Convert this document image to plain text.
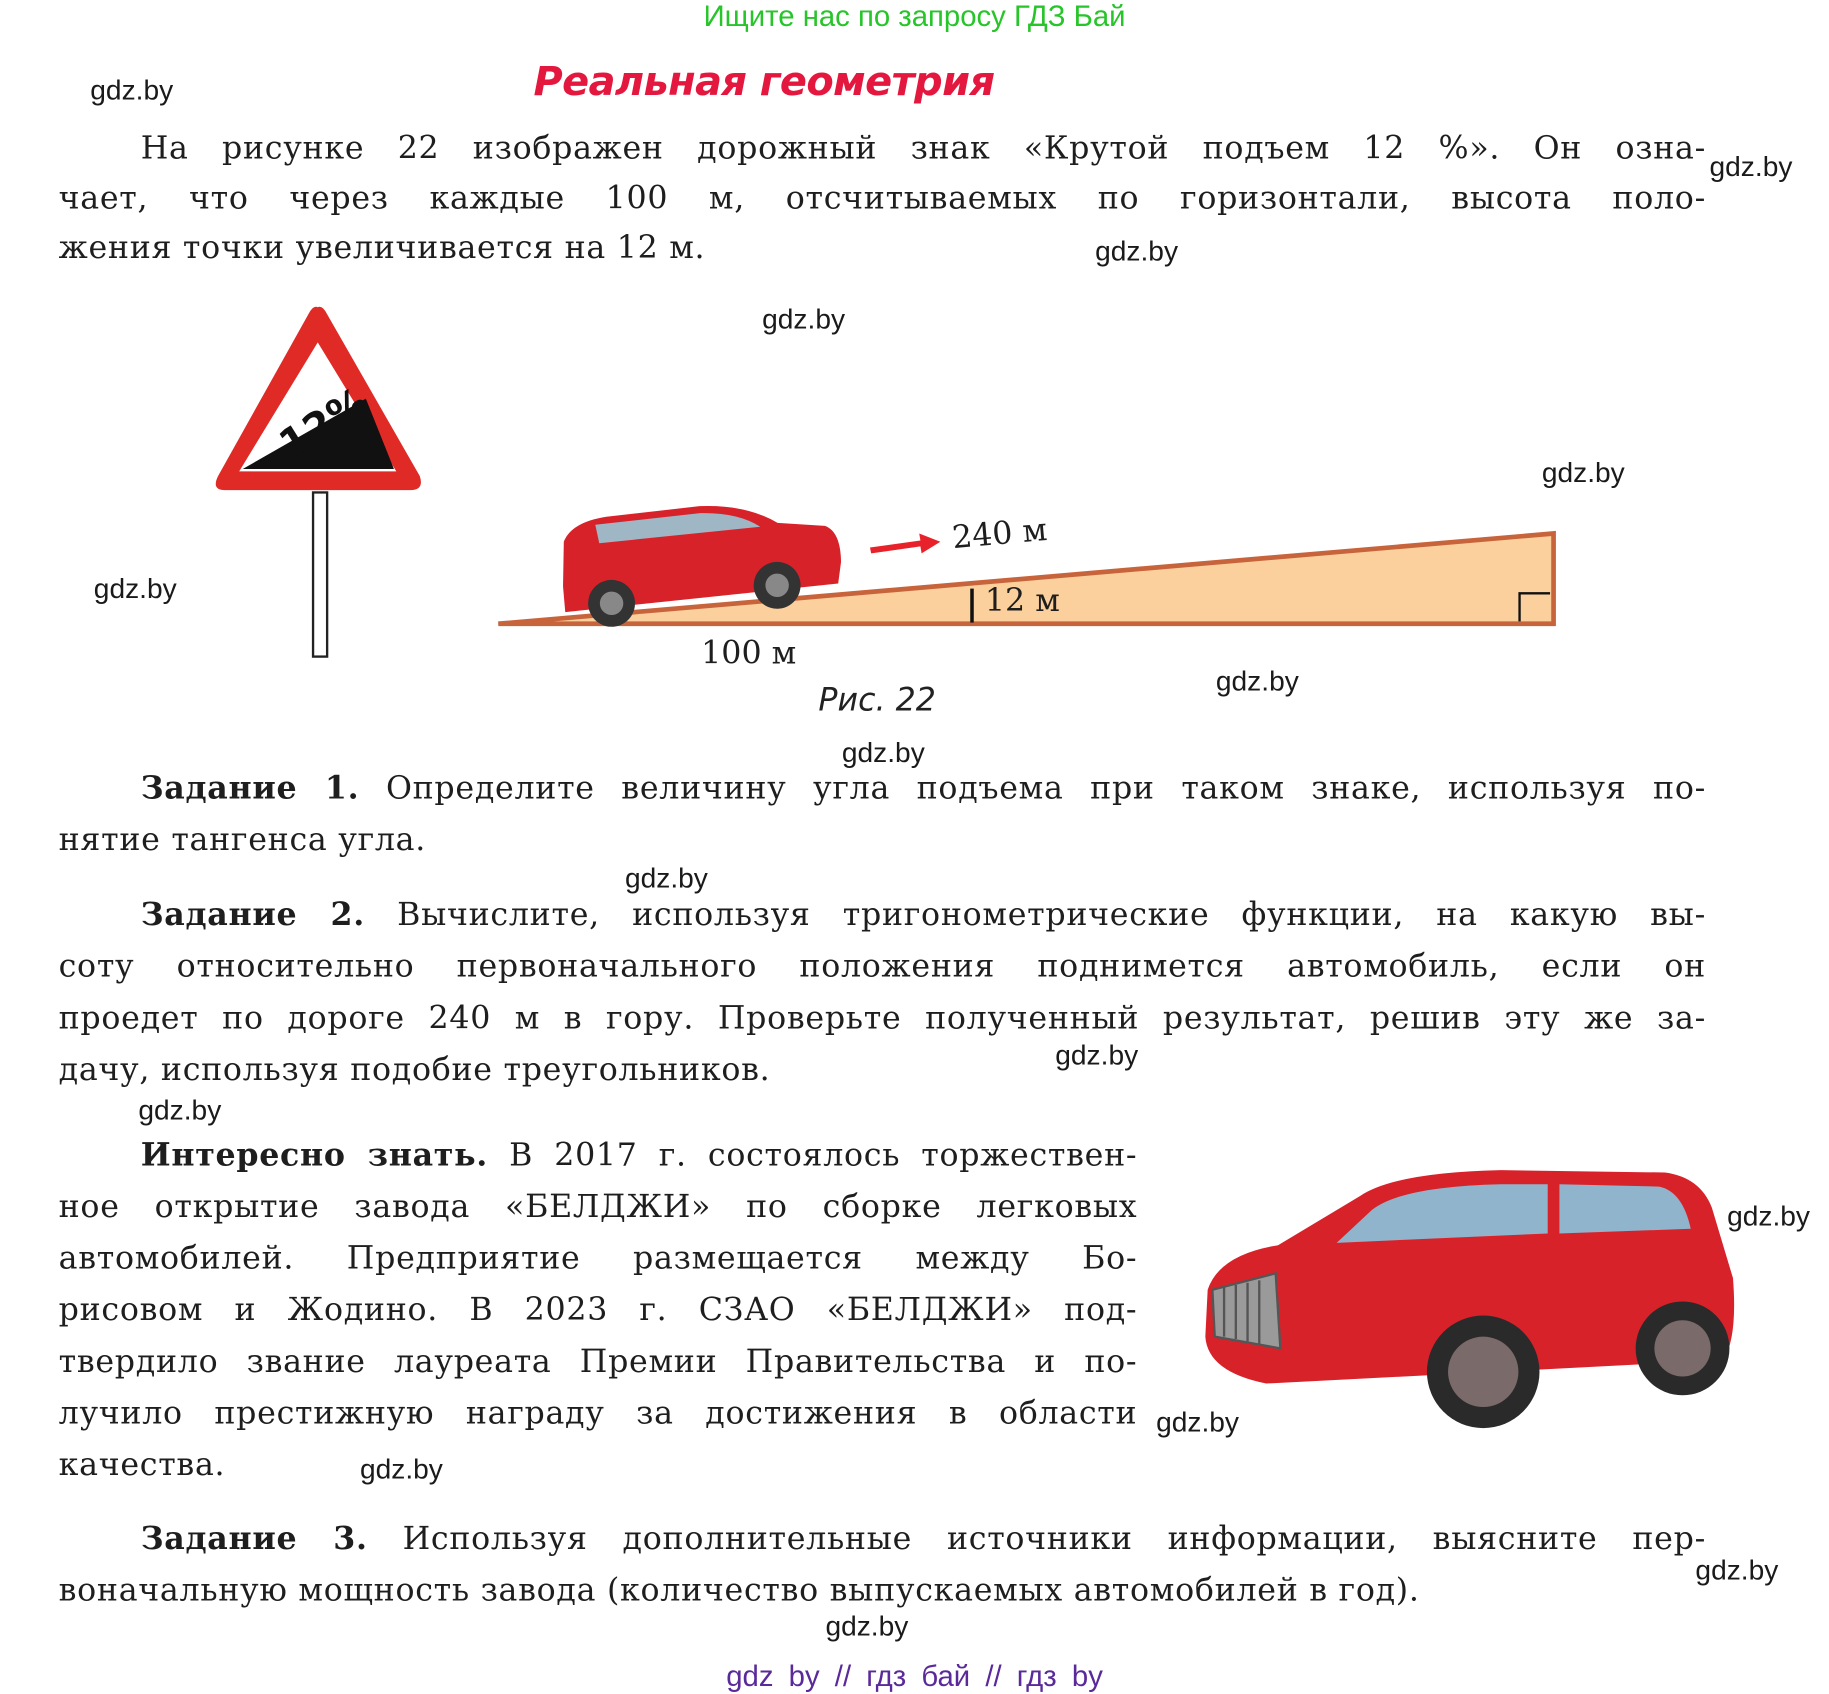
Ищите нас по запросу ГДЗ Бай
Реальная геометрия
На рисунке 22 изображен дорожный знак «Крутой подъем 12 %». Он озна-
чает, что через каждые 100 м, отсчитываемых по горизонтали, высота поло-
жения точки увеличивается на 12 м.
12%
240 м
12 м
100 м
Рис. 22
Задание 1. Определите величину угла подъема при таком знаке, используя по-
нятие тангенса угла.
Задание 2. Вычислите, используя тригонометрические функции, на какую вы-
соту относительно первоначального положения поднимется автомобиль, если он
проедет по дороге 240 м в гору. Проверьте полученный результат, решив эту же за-
дачу, используя подобие треугольников.
Интересно знать. В 2017 г. состоялось торжествен-
ное открытие завода «БЕЛДЖИ» по сборке легковых
автомобилей. Предприятие размещается между Бо-
рисовом и Жодино. В 2023 г. СЗАО «БЕЛДЖИ» под-
твердило звание лауреата Премии Правительства и по-
лучило престижную награду за достижения в области
качества.
Задание 3. Используя дополнительные источники информации, выясните пер-
воначальную мощность завода (количество выпускаемых автомобилей в год).
gdz.by
gdz.by
gdz.by
gdz.by
gdz.by
gdz.by
gdz.by
gdz.by
gdz.by
gdz.by
gdz.by
gdz.by
gdz.by
gdz.by
gdz.by
gdz.by
gdz by // гдз бай // гдз by
